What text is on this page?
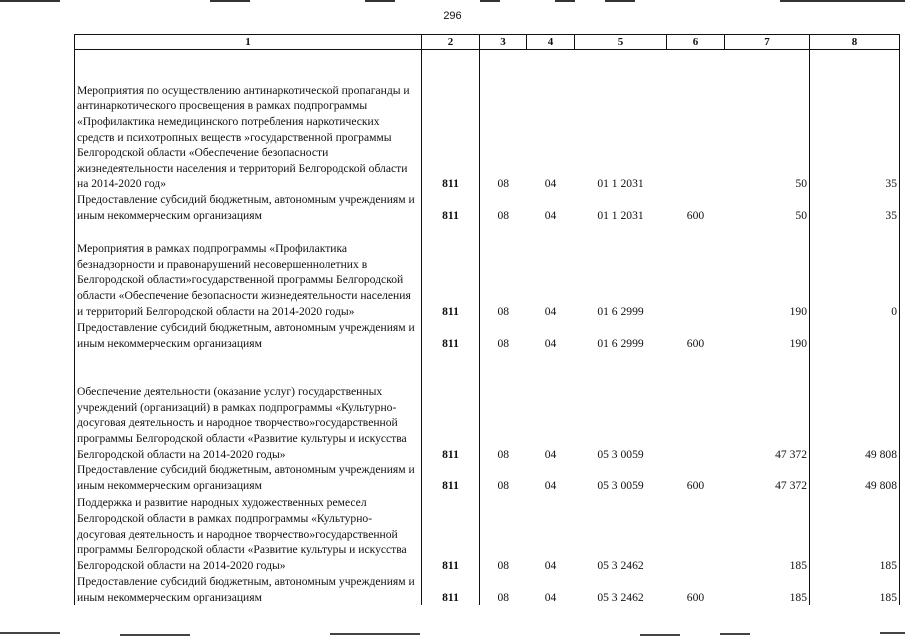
296
1	2	3	4	5	6	7	8
Мероприятия по осуществлению антинаркотической пропаганды и антинаркотического просвещения в рамках подпрограммы «Профилактика немедицинского потребления наркотических средств и психотропных веществ »государственной программы Белгородской области «Обеспечение безопасности жизнедеятельности населения и территорий Белгородской области на 2014-2020 год»	811	08	04	01 1 2031		50	35
Предоставление субсидий бюджетным, автономным учреждениям и иным некоммерческим организациям	811	08	04	01 1 2031	600	50	35
Мероприятия в рамках подпрограммы «Профилактика безнадзорности и правонарушений несовершеннолетних в Белгородской области»государственной программы Белгородской области «Обеспечение безопасности жизнедеятельности населения и территорий Белгородской области на 2014-2020 годы»	811	08	04	01 6 2999		190	0
Предоставление субсидий бюджетным, автономным учреждениям и иным некоммерческим организациям	811	08	04	01 6 2999	600	190	
Обеспечение деятельности (оказание услуг) государственных учреждений (организаций) в рамках подпрограммы «Культурно-досуговая деятельность и народное творчество»государственной программы Белгородской области «Развитие культуры и искусства Белгородской области на 2014-2020 годы»	811	08	04	05 3 0059		47 372	49 808
Предоставление субсидий бюджетным, автономным учреждениям и иным некоммерческим организациям	811	08	04	05 3 0059	600	47 372	49 808
Поддержка и развитие народных художественных ремесел Белгородской области в рамках подпрограммы «Культурно-досуговая деятельность и народное творчество»государственной программы Белгородской области «Развитие культуры и искусства Белгородской области на 2014-2020 годы»	811	08	04	05 3 2462		185	185
Предоставление субсидий бюджетным, автономным учреждениям и иным некоммерческим организациям	811	08	04	05 3 2462	600	185	185
